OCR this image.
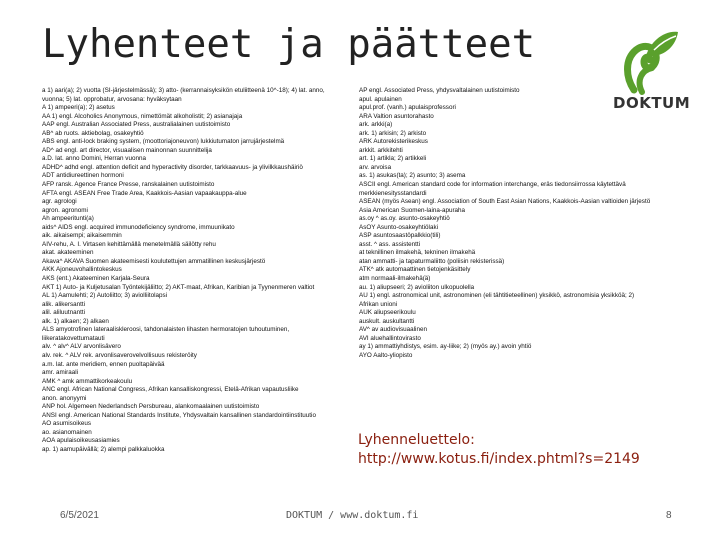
Lyhenteet ja päätteet
DOKTUM
a 1) aari(a); 2) vuotta (SI-järjestelmässä); 3) atto- (kerrannaisyksikön etuliitteenä 10^-18); 4) lat. anno,
vuonna; 5) lat. opprobatur, arvosana: hyväksytaan
A 1) ampeeri(a); 2) asetus
AA 1) engl. Alcoholics Anonymous, nimettömät alkoholistit; 2) asianajaja
AAP engl. Australian Associated Press, australialainen uutistoimisto
AB^ ab ruots. aktiebolag, osakeyhtiö
ABS engl. anti-lock braking system, (moottoriajoneuvon) lukkiutumaton jarrujärjestelmä
AD^ ad engl. art director, visuaalisen mainonnan suunnittelija
a.D. lat. anno Domini, Herran vuonna
ADHD^ adhd engl. attention deficit and hyperactivity disorder, tarkkaavuus- ja ylivilkkaushäiriö
ADT antidiureettinen hormoni
AFP ransk. Agence France Presse, ranskalainen uutistoimisto
AFTA engl. ASEAN Free Trade Area, Kaakkois-Aasian vapaakauppa-alue
agr. agrologi
agron. agronomi
Ah ampeeritunti(a)
aids^ AIDS engl. acquired immunodeficiency syndrome, immuunikato
aik. aikaisempi; aikaisemmin
AIV-rehu, A. I. Virtasen kehittämällä menetelmällä säilötty rehu
akat. akateeminen
Akava^ AKAVA Suomen akateemisesti koulutettujen ammatillinen keskusjärjestö
AKK Ajoneuvohallintokeskus
AKS (ent.) Akateeminen Karjala-Seura
AKT 1) Auto- ja Kuljetusalan Työntekijäliitto; 2) AKT-maat, Afrikan, Karibian ja Tyynenmeren valtiot
AL 1) Aamulehti; 2) Autoliitto; 3) aviolliitolapsi
alik. alikersantti
alil. aliluutnantti
alk. 1) alkaen; 2) alkaen
ALS amyotrofinen lateraaliskleroosi, tahdonalaisten lihasten hermoratojen tuhoutuminen,
liikeratakovettumatauti
alv. ^ alv^ ALV arvonlisävero
alv. rek. ^ ALV rek. arvonlisaverovelvollisuus rekisteröity
a.m. lat. ante meridiem, ennen puoltapäivää
amr. amiraali
AMK ^ amk ammattikorkeakoulu
ANC engl. African National Congress, Afrikan kansalliskongressi, Etelä-Afrikan vapautusliike
anon. anonyymi
ANP hol. Algemeen Nederlandsch Persbureau, alankomaalainen uutistoimisto
ANSI engl. American National Standards Institute, Yhdysvaltain kansallinen standardointiinstituutio
AO asumisoikeus
ao. asianomainen
AOA apulaisoikeusasiamies
ap. 1) aamupäivällä; 2) alempi palkkaluokka
AP engl. Associated Press, yhdysvaltalainen uutistoimisto
apul. apulainen
apul.prof. (vanh.) apulaisprofessori
ARA Valtion asuntorahasto
ark. arkki(a)
ark. 1) arkisin; 2) arkisto
ARK Autorekisterikeskus
arkkit. arkkitehti
art. 1) artikla; 2) artikkeli
arv. arvoisa
as. 1) asukas(ta); 2) asunto; 3) asema
ASCII engl. American standard code for information interchange, eräs tiedonsiirrossa käytettävä
merkkienesitysstandardi
ASEAN (myös Asean) engl. Association of South East Asian Nations, Kaakkois-Aasian valtioiden järjestö
Asia American Suomen-laina-apuraha
as.oy ^ as.oy. asunto-osakeyhtiö
AsOY Asunto-osakeyhtiölaki
ASP asuntosaastöpalkkio(tili)
asst. ^ ass. assistentti
at teknillinen ilmakehä, tekninen ilmakehä
atan ammatti- ja tapaturmaliitto (poliisin rekisterissä)
ATK^ atk automaattinen tietojenkäsittely
atm normaali-ilmakehä(ä)
au. 1) aliupseeri; 2) avioliiton ulkopuolella
AU 1) engl. astronomical unit, astronominen (eli tähtitieteellinen) yksikkö, astronomisia yksikköä; 2)
Afrikan unioni
AUK aliupseerikoulu
auskult. auskultantti
AV^ av audiovisuaalinen
AVI aluehallintovirasto
ay 1) ammattiyhdistys, esim. ay-liike; 2) (myös ay.) avoin yhtiö
AYO Aalto-yliopisto
Lyhenneluettelo:
http://www.kotus.fi/index.phtml?s=2149
6/5/2021	DOKTUM / www.doktum.fi	8
